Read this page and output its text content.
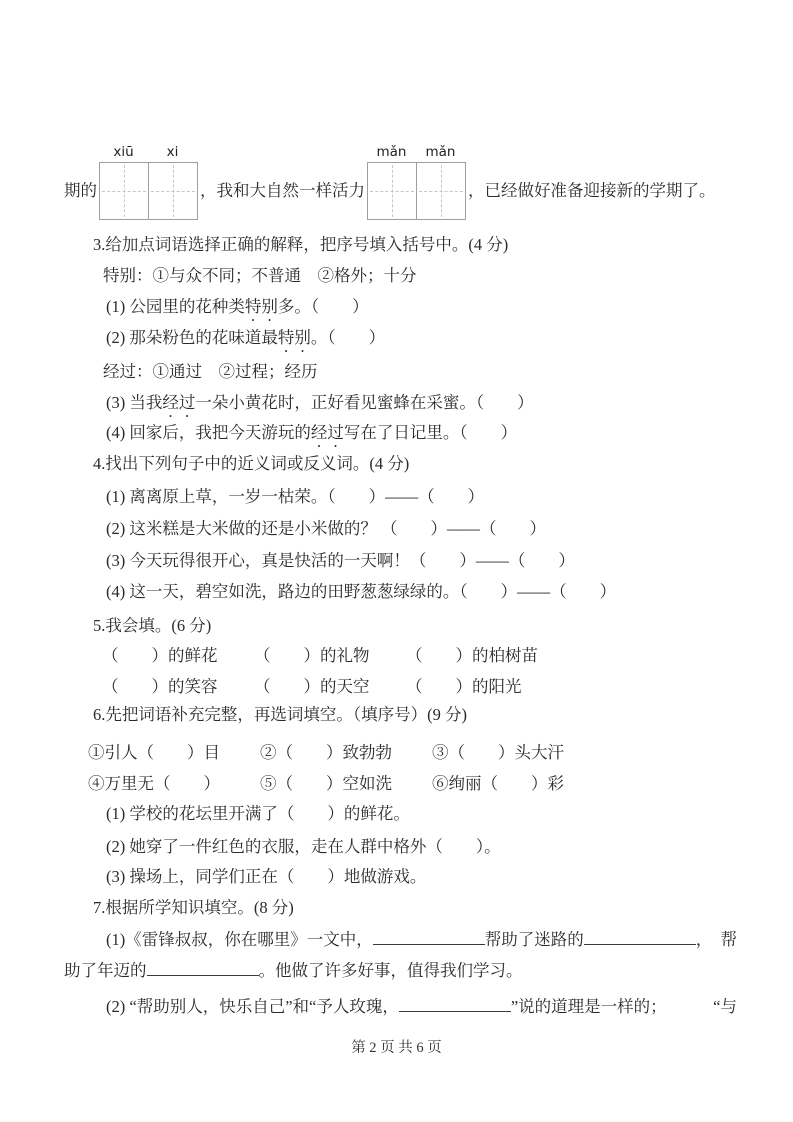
期的
xiū	xi
，我和大自然一样活力
mǎn	mǎn
，已经做好准备迎接新的学期了。
3.给加点词语选择正确的解释，把序号填入括号中。(4 分)
特别：①与众不同；不普通　②格外；十分
(1) 公园里的花种类特别多。（　　）
(2) 那朵粉色的花味道最特别。（　　）
经过：①通过　②过程；经历
(3) 当我经过一朵小黄花时，正好看见蜜蜂在采蜜。（　　）
(4) 回家后，我把今天游玩的经过写在了日记里。（　　）
4.找出下列句子中的近义词或反义词。(4 分)
(1) 离离原上草，一岁一枯荣。（　　）——（　　）
(2) 这米糕是大米做的还是小米做的？ （　　）——（　　）
(3) 今天玩得很开心，真是快活的一天啊！（　　）——（　　）
(4) 这一天，碧空如洗，路边的田野葱葱绿绿的。（　　）——（　　）
5.我会填。(6 分)
（　　）的鲜花 （　　）的礼物 （　　）的柏树苗
（　　）的笑容 （　　）的天空 （　　）的阳光
6.先把词语补充完整，再选词填空。（填序号）(9 分)
①引人（　　）目 ②（　　）致勃勃 ③（　　）头大汗
④万里无（　　） ⑤（　　）空如洗 ⑥绚丽（　　）彩
(1) 学校的花坛里开满了（　　）的鲜花。
(2) 她穿了一件红色的衣服，走在人群中格外（　　）。
(3) 操场上，同学们正在（　　）地做游戏。
7.根据所学知识填空。(8 分)
(1)《雷锋叔叔，你在哪里》一文中，	帮助了迷路的	， 帮
助了年迈的	。他做了许多好事，值得我们学习。
(2) “帮助别人，快乐自己”和“予人玫瑰，	”说的道理是一样的；	“与
第 2 页 共 6 页
